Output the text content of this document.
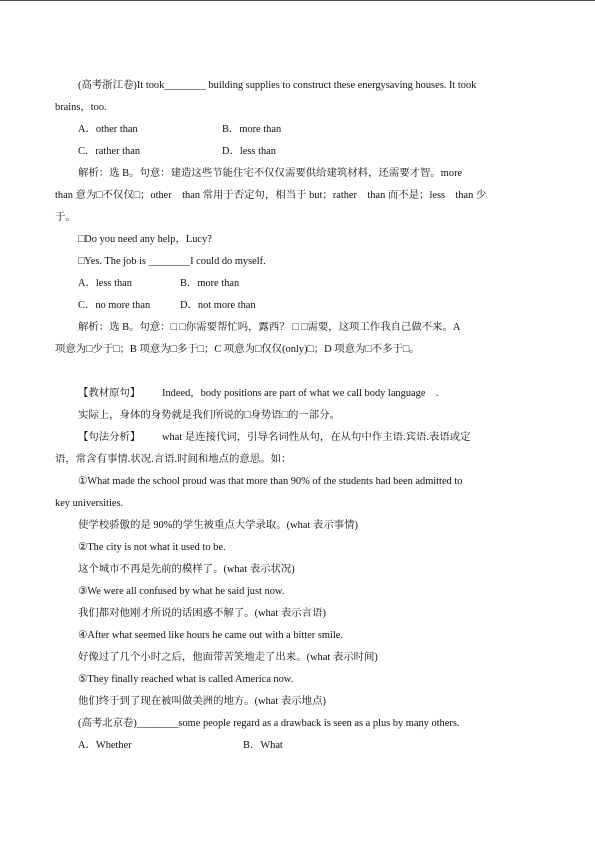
(高考浙江卷)It took________ building supplies to construct these energysaving houses. It took
brains，too.
A．other than	B．more than
C．rather than	D．less than
解析：选 B。句意：建造这些节能住宅不仅仅需要供给建筑材料，还需要才智。more
than 意为□不仅仅□；other　than 常用于否定句，相当于 but；rather　than 而不是；less　than 少
于。
□Do you need any help，Lucy?
□Yes. The job is ________I could do myself.
A．less than	B．more than
C．no more than	D．not more than
解析：选 B。句意：□ □你需要帮忙吗，露西？ □ □需要，这项工作我自己做不来。A
项意为□少于□；B 项意为□多于□；C 项意为□仅仅(only)□；D 项意为□不多于□。
【教材原句】 Indeed，body positions are part of what we call body language　.
实际上，身体的身势就是我们所说的□身势语□的一部分。
【句法分析】 what 是连接代词，引导名词性从句，在从句中作主语.宾语.表语或定
语，常含有事情.状况.言语.时间和地点的意思。如：
①What made the school proud was that more than 90% of the students had been admitted to
key universities.
使学校骄傲的是 90%的学生被重点大学录取。(what 表示事情)
②The city is not what it used to be.
这个城市不再是先前的模样了。(what 表示状况)
③We were all confused by what he said just now.
我们都对他刚才所说的话困惑不解了。(what 表示言语)
④After what seemed like hours he came out with a bitter smile.
好像过了几个小时之后，他面带苦笑地走了出来。(what 表示时间)
⑤They finally reached what is called America now.
他们终于到了现在被叫做美洲的地方。(what 表示地点)
(高考北京卷)________some people regard as a drawback is seen as a plus by many others.
A．Whether	B．What
